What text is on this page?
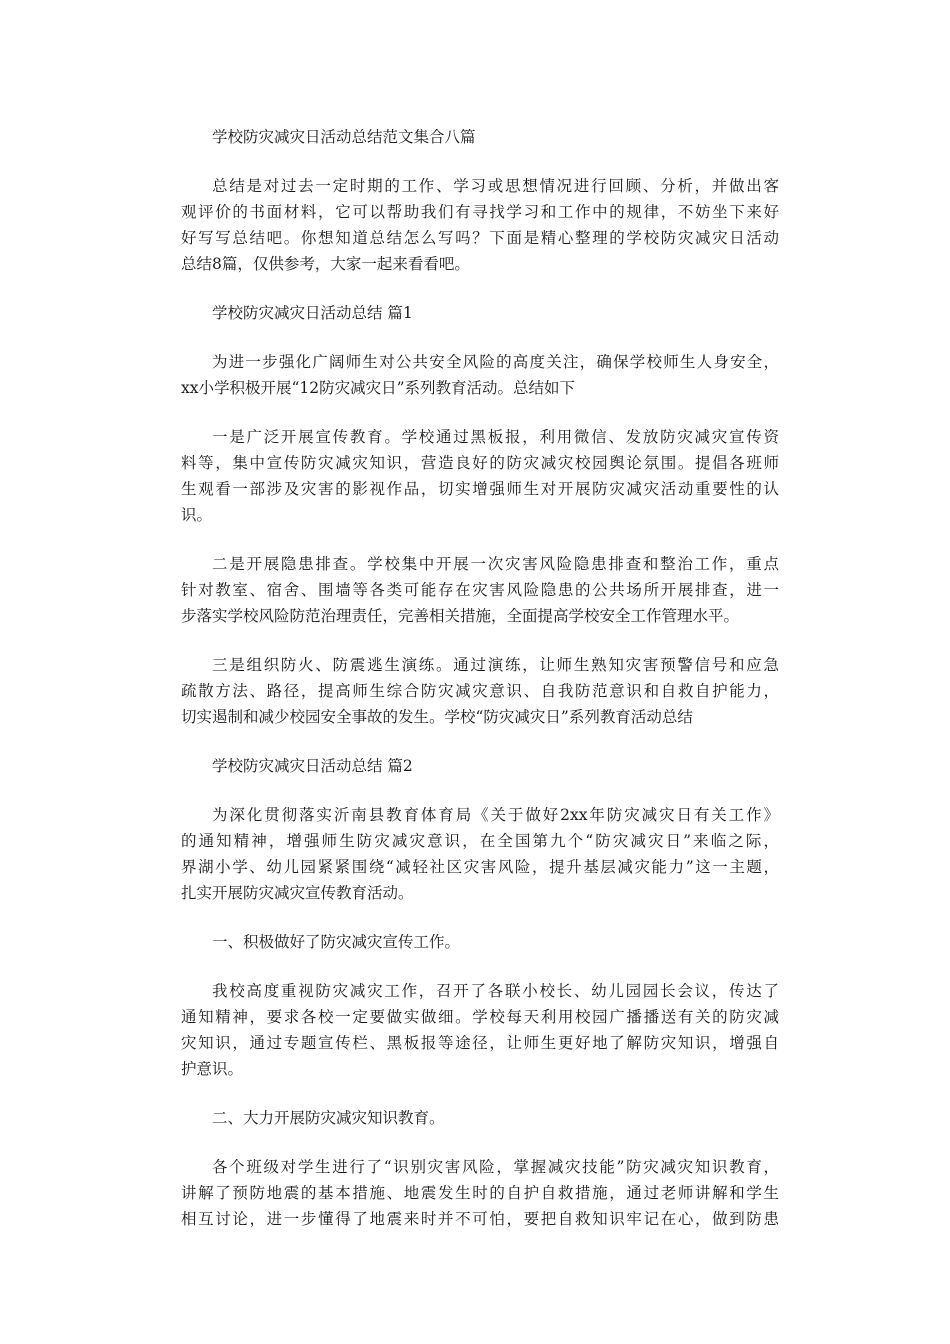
学校防灾减灾日活动总结范文集合八篇
总结是对过去一定时期的工作、学习或思想情况进行回顾、分析，并做出客
观评价的书面材料，它可以帮助我们有寻找学习和工作中的规律，不妨坐下来好
好写写总结吧。你想知道总结怎么写吗？下面是精心整理的学校防灾减灾日活动
总结8篇，仅供参考，大家一起来看看吧。
学校防灾减灾日活动总结 篇1
为进一步强化广阔师生对公共安全风险的高度关注，确保学校师生人身安全，
xx小学积极开展“12防灾减灾日”系列教育活动。总结如下
一是广泛开展宣传教育。学校通过黑板报，利用微信、发放防灾减灾宣传资
料等，集中宣传防灾减灾知识，营造良好的防灾减灾校园舆论氛围。提倡各班师
生观看一部涉及灾害的影视作品，切实增强师生对开展防灾减灾活动重要性的认
识。
二是开展隐患排查。学校集中开展一次灾害风险隐患排查和整治工作，重点
针对教室、宿舍、围墙等各类可能存在灾害风险隐患的公共场所开展排查，进一
步落实学校风险防范治理责任，完善相关措施，全面提高学校安全工作管理水平。
三是组织防火、防震逃生演练。通过演练，让师生熟知灾害预警信号和应急
疏散方法、路径，提高师生综合防灾减灾意识、自我防范意识和自救自护能力，
切实遏制和减少校园安全事故的发生。学校“防灾减灾日”系列教育活动总结
学校防灾减灾日活动总结 篇2
为深化贯彻落实沂南县教育体育局《关于做好2xx年防灾减灾日有关工作》
的通知精神，增强师生防灾减灾意识，在全国第九个“防灾减灾日”来临之际，
界湖小学、幼儿园紧紧围绕“减轻社区灾害风险，提升基层减灾能力”这一主题，
扎实开展防灾减灾宣传教育活动。
一、积极做好了防灾减灾宣传工作。
我校高度重视防灾减灾工作，召开了各联小校长、幼儿园园长会议，传达了
通知精神，要求各校一定要做实做细。学校每天利用校园广播播送有关的防灾减
灾知识，通过专题宣传栏、黑板报等途径，让师生更好地了解防灾知识，增强自
护意识。
二、大力开展防灾减灾知识教育。
各个班级对学生进行了“识别灾害风险，掌握减灾技能”防灾减灾知识教育，
讲解了预防地震的基本措施、地震发生时的自护自救措施，通过老师讲解和学生
相互讨论，进一步懂得了地震来时并不可怕，要把自救知识牢记在心，做到防患
